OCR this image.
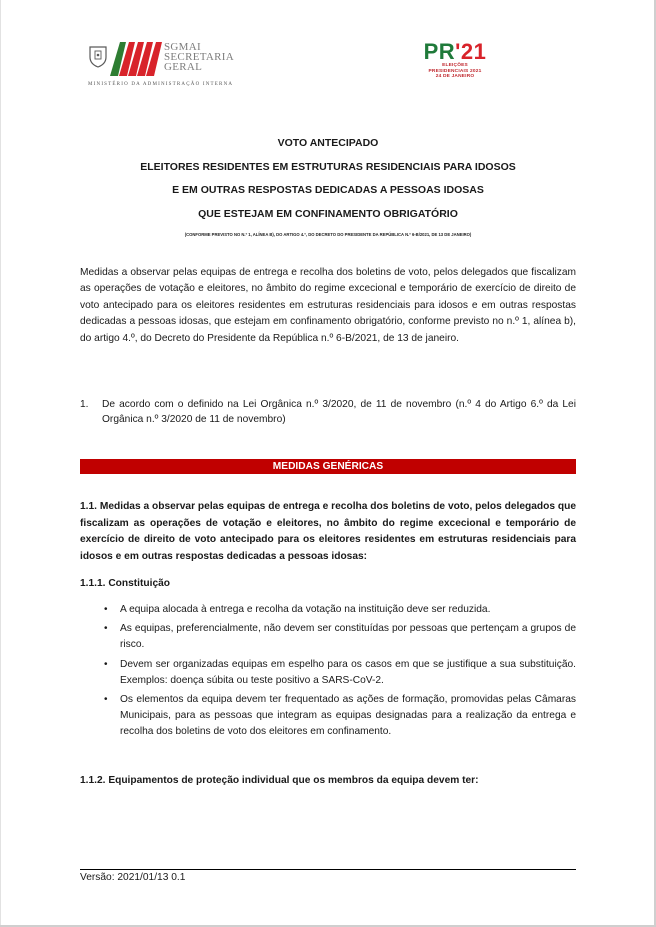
SGMAI
SECRETARIA
GERAL
MINISTÉRIO DA ADMINISTRAÇÃO INTERNA
PR'21
ELEIÇÕES
PRESIDENCIAIS 2021
24 DE JANEIRO
VOTO ANTECIPADO
ELEITORES RESIDENTES EM ESTRUTURAS RESIDENCIAIS PARA IDOSOS
E EM OUTRAS RESPOSTAS DEDICADAS A PESSOAS IDOSAS
QUE ESTEJAM EM CONFINAMENTO OBRIGATÓRIO
(CONFORME PREVISTO NO N.º 1, ALÍNEA B), DO ARTIGO 4.º, DO DECRETO DO PRESIDENTE DA REPÚBLICA N.º 6-B/2021, DE 13 DE JANEIRO)
Medidas a observar pelas equipas de entrega e recolha dos boletins de voto, pelos delegados que fiscalizam as operações de votação e eleitores, no âmbito do regime excecional e temporário de exercício de direito de voto antecipado para os eleitores residentes em estruturas residenciais para idosos e em outras respostas dedicadas a pessoas idosas, que estejam em confinamento obrigatório, conforme previsto no n.º 1, alínea b), do artigo 4.º, do Decreto do Presidente da República n.º 6-B/2021, de 13 de janeiro.
1. De acordo com o definido na Lei Orgânica n.º 3/2020, de 11 de novembro (n.º 4 do Artigo 6.º da Lei Orgânica n.º 3/2020 de 11 de novembro)
MEDIDAS GENÉRICAS
1.1. Medidas a observar pelas equipas de entrega e recolha dos boletins de voto, pelos delegados que fiscalizam as operações de votação e eleitores, no âmbito do regime excecional e temporário de exercício de direito de voto antecipado para os eleitores residentes em estruturas residenciais para idosos e em outras respostas dedicadas a pessoas idosas:
1.1.1. Constituição
• A equipa alocada à entrega e recolha da votação na instituição deve ser reduzida.
• As equipas, preferencialmente, não devem ser constituídas por pessoas que pertençam a grupos de risco.
• Devem ser organizadas equipas em espelho para os casos em que se justifique a sua substituição. Exemplos: doença súbita ou teste positivo a SARS-CoV-2.
• Os elementos da equipa devem ter frequentado as ações de formação, promovidas pelas Câmaras Municipais, para as pessoas que integram as equipas designadas para a realização da entrega e recolha dos boletins de voto dos eleitores em confinamento.
1.1.2. Equipamentos de proteção individual que os membros da equipa devem ter:
Versão: 2021/01/13 0.1
